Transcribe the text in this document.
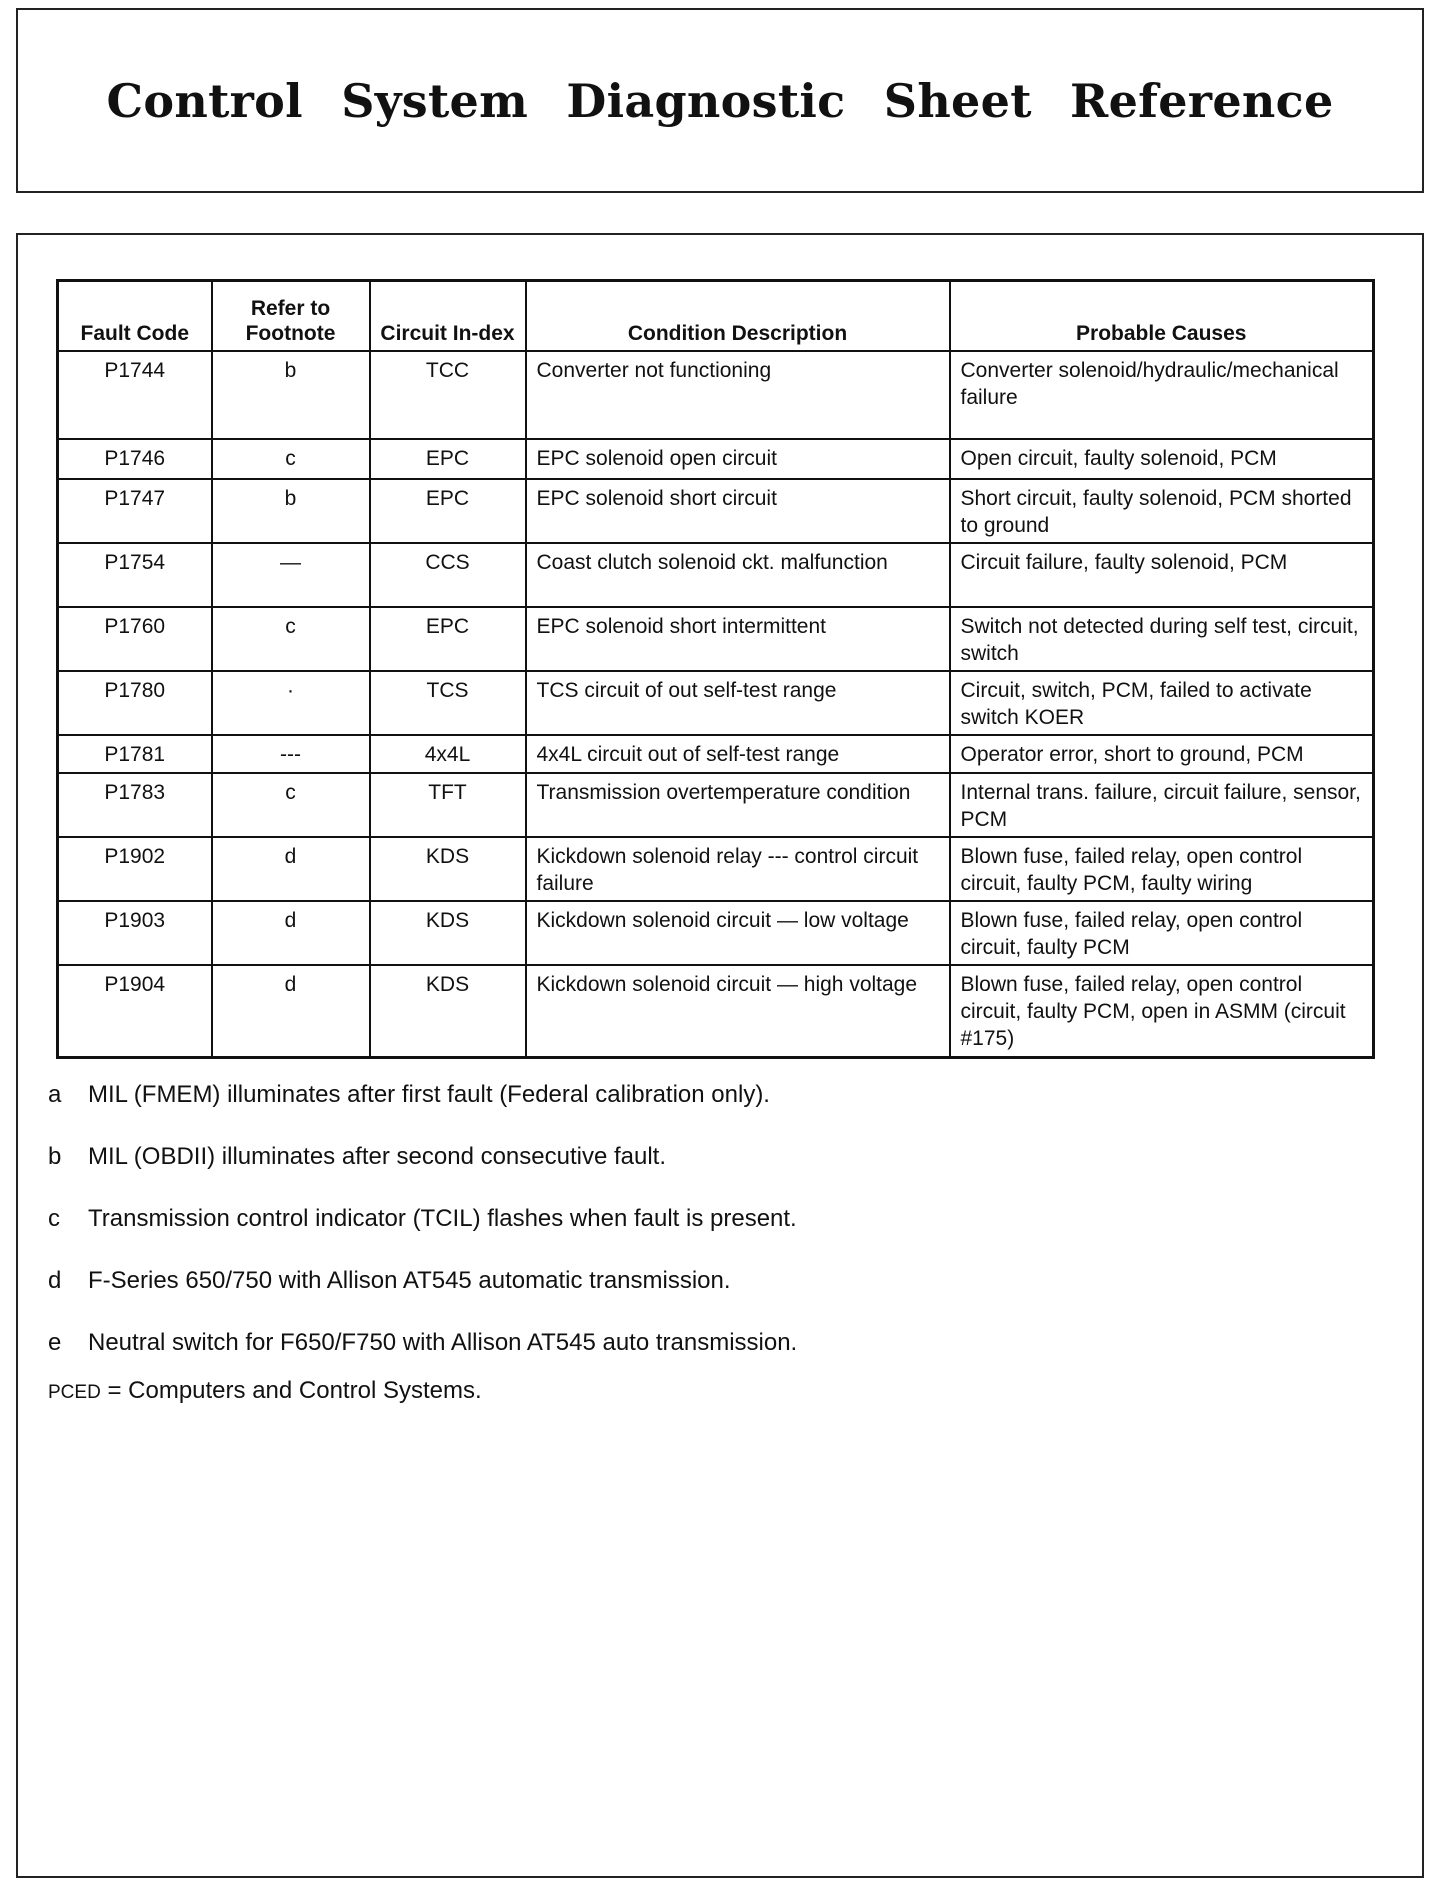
Control System Diagnostic Sheet Reference
Fault Code	Refer to Footnote	Circuit In-dex	Condition Description	Probable Causes
P1744	b	TCC	Converter not functioning	Converter solenoid/hydraulic/mechanical failure
P1746	c	EPC	EPC solenoid open circuit	Open circuit, faulty solenoid, PCM
P1747	b	EPC	EPC solenoid short circuit	Short circuit, faulty solenoid, PCM shorted to ground
P1754	—	CCS	Coast clutch solenoid ckt. malfunction	Circuit failure, faulty solenoid, PCM
P1760	c	EPC	EPC solenoid short intermittent	Switch not detected during self test, circuit, switch
P1780	·	TCS	TCS circuit of out self-test range	Circuit, switch, PCM, failed to activate switch KOER
P1781	---	4x4L	4x4L circuit out of self-test range	Operator error, short to ground, PCM
P1783	c	TFT	Transmission overtemperature condition	Internal trans. failure, circuit failure, sensor, PCM
P1902	d	KDS	Kickdown solenoid relay --- control circuit failure	Blown fuse, failed relay, open control circuit, faulty PCM, faulty wiring
P1903	d	KDS	Kickdown solenoid circuit — low voltage	Blown fuse, failed relay, open control circuit, faulty PCM
P1904	d	KDS	Kickdown solenoid circuit — high voltage	Blown fuse, failed relay, open control circuit, faulty PCM, open in ASMM (circuit #175)
a	MIL (FMEM) illuminates after first fault (Federal calibration only).
b	MIL (OBDII) illuminates after second consecutive fault.
c	Transmission control indicator (TCIL) flashes when fault is present.
d	F-Series 650/750 with Allison AT545 automatic transmission.
e	Neutral switch for F650/F750 with Allison AT545 auto transmission.
PCED = Computers and Control Systems.
